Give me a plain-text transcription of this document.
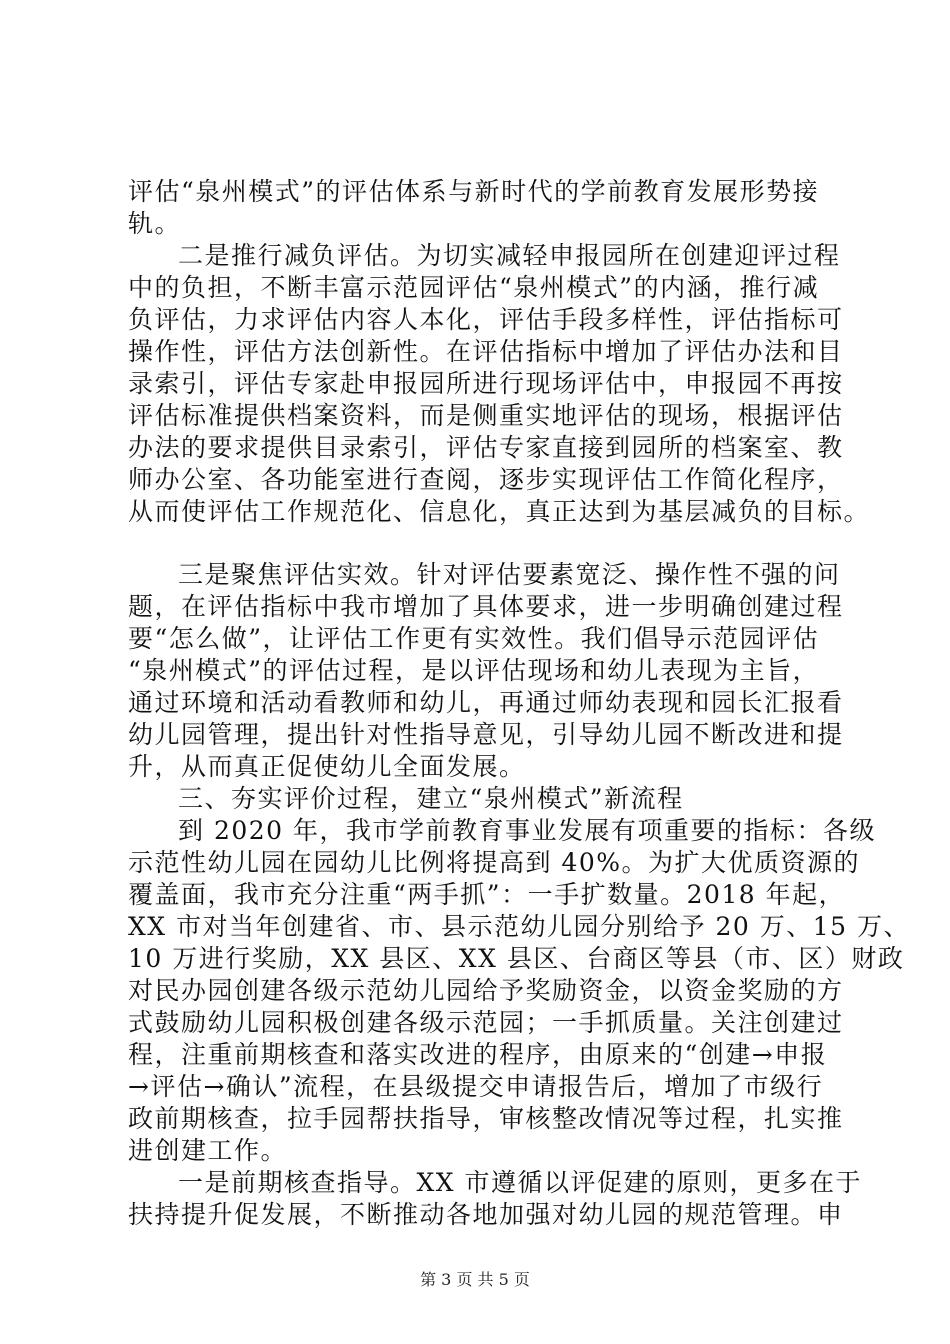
评估“泉州模式”的评估体系与新时代的学前教育发展形势接
轨。
二是推行减负评估。为切实减轻申报园所在创建迎评过程
中的负担，不断丰富示范园评估“泉州模式”的内涵，推行减
负评估，力求评估内容人本化，评估手段多样性，评估指标可
操作性，评估方法创新性。在评估指标中增加了评估办法和目
录索引，评估专家赴申报园所进行现场评估中，申报园不再按
评估标准提供档案资料，而是侧重实地评估的现场，根据评估
办法的要求提供目录索引，评估专家直接到园所的档案室、教
师办公室、各功能室进行查阅，逐步实现评估工作简化程序，
从而使评估工作规范化、信息化，真正达到为基层减负的目标。
三是聚焦评估实效。针对评估要素宽泛、操作性不强的问
题，在评估指标中我市增加了具体要求，进一步明确创建过程
要“怎么做”，让评估工作更有实效性。我们倡导示范园评估
“泉州模式”的评估过程，是以评估现场和幼儿表现为主旨，
通过环境和活动看教师和幼儿，再通过师幼表现和园长汇报看
幼儿园管理，提出针对性指导意见，引导幼儿园不断改进和提
升，从而真正促使幼儿全面发展。
三、夯实评价过程，建立“泉州模式”新流程
到 2020 年，我市学前教育事业发展有项重要的指标：各级
示范性幼儿园在园幼儿比例将提高到 40%。为扩大优质资源的
覆盖面，我市充分注重“两手抓”：一手扩数量。2018 年起，
XX 市对当年创建省、市、县示范幼儿园分别给予 20 万、15 万、
10 万进行奖励，XX 县区、XX 县区、台商区等县（市、区）财政
对民办园创建各级示范幼儿园给予奖励资金，以资金奖励的方
式鼓励幼儿园积极创建各级示范园；一手抓质量。关注创建过
程，注重前期核查和落实改进的程序，由原来的“创建→申报
→评估→确认”流程，在县级提交申请报告后，增加了市级行
政前期核查，拉手园帮扶指导，审核整改情况等过程，扎实推
进创建工作。
一是前期核查指导。XX 市遵循以评促建的原则，更多在于
扶持提升促发展，不断推动各地加强对幼儿园的规范管理。申
第 3 页 共 5 页
